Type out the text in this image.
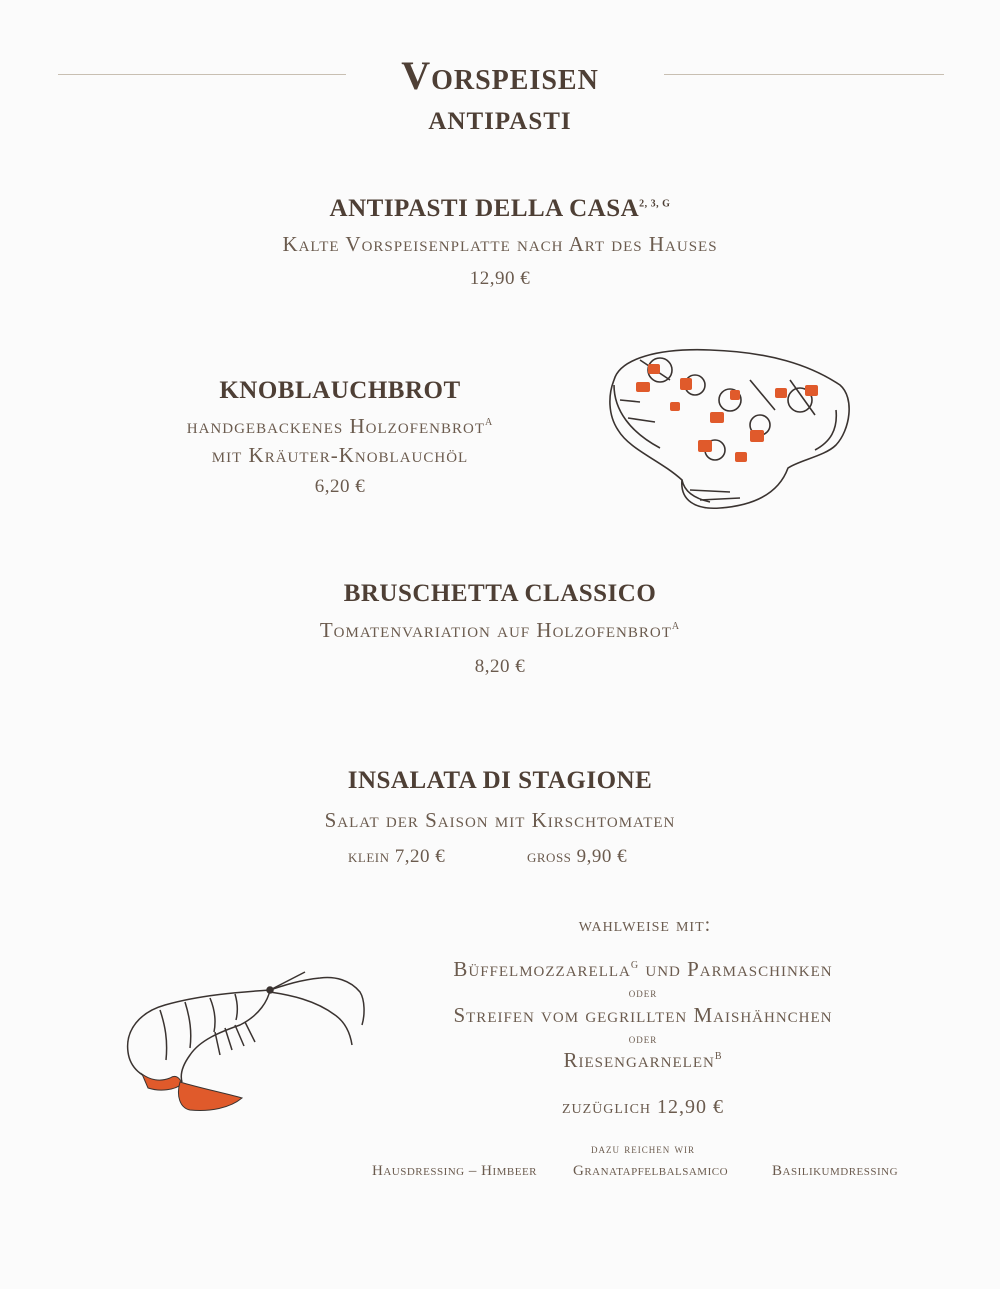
Vorspeisen
ANTIPASTI
ANTIPASTI DELLA $CASA^{2, 3, G}$
Kalte Vorspeisenplatte nach Art des Hauses
12,90 €
KNOBLAUCHBROT
handgebackenes Holzofenbrot$^A$
mit Kräuter-Knoblauchöl
6,20 €
BRUSCHETTA CLASSICO
Tomatenvariation auf Holzofenbrot$^A$
8,20 €
INSALATA DI STAGIONE
Salat der Saison mit Kirschtomaten
klein 7,20 €	gross 9,90 €
wahlweise mit:
Büffelmozzarella$^G$ und Parmaschinken
oder
Streifen vom gegrillten Maishähnchen
oder
Riesengarnelen$^B$
zuzüglich 12,90 €
dazu reichen wir
Hausdressing – Himbeer Granatapfelbalsamico	Basilikumdressing
